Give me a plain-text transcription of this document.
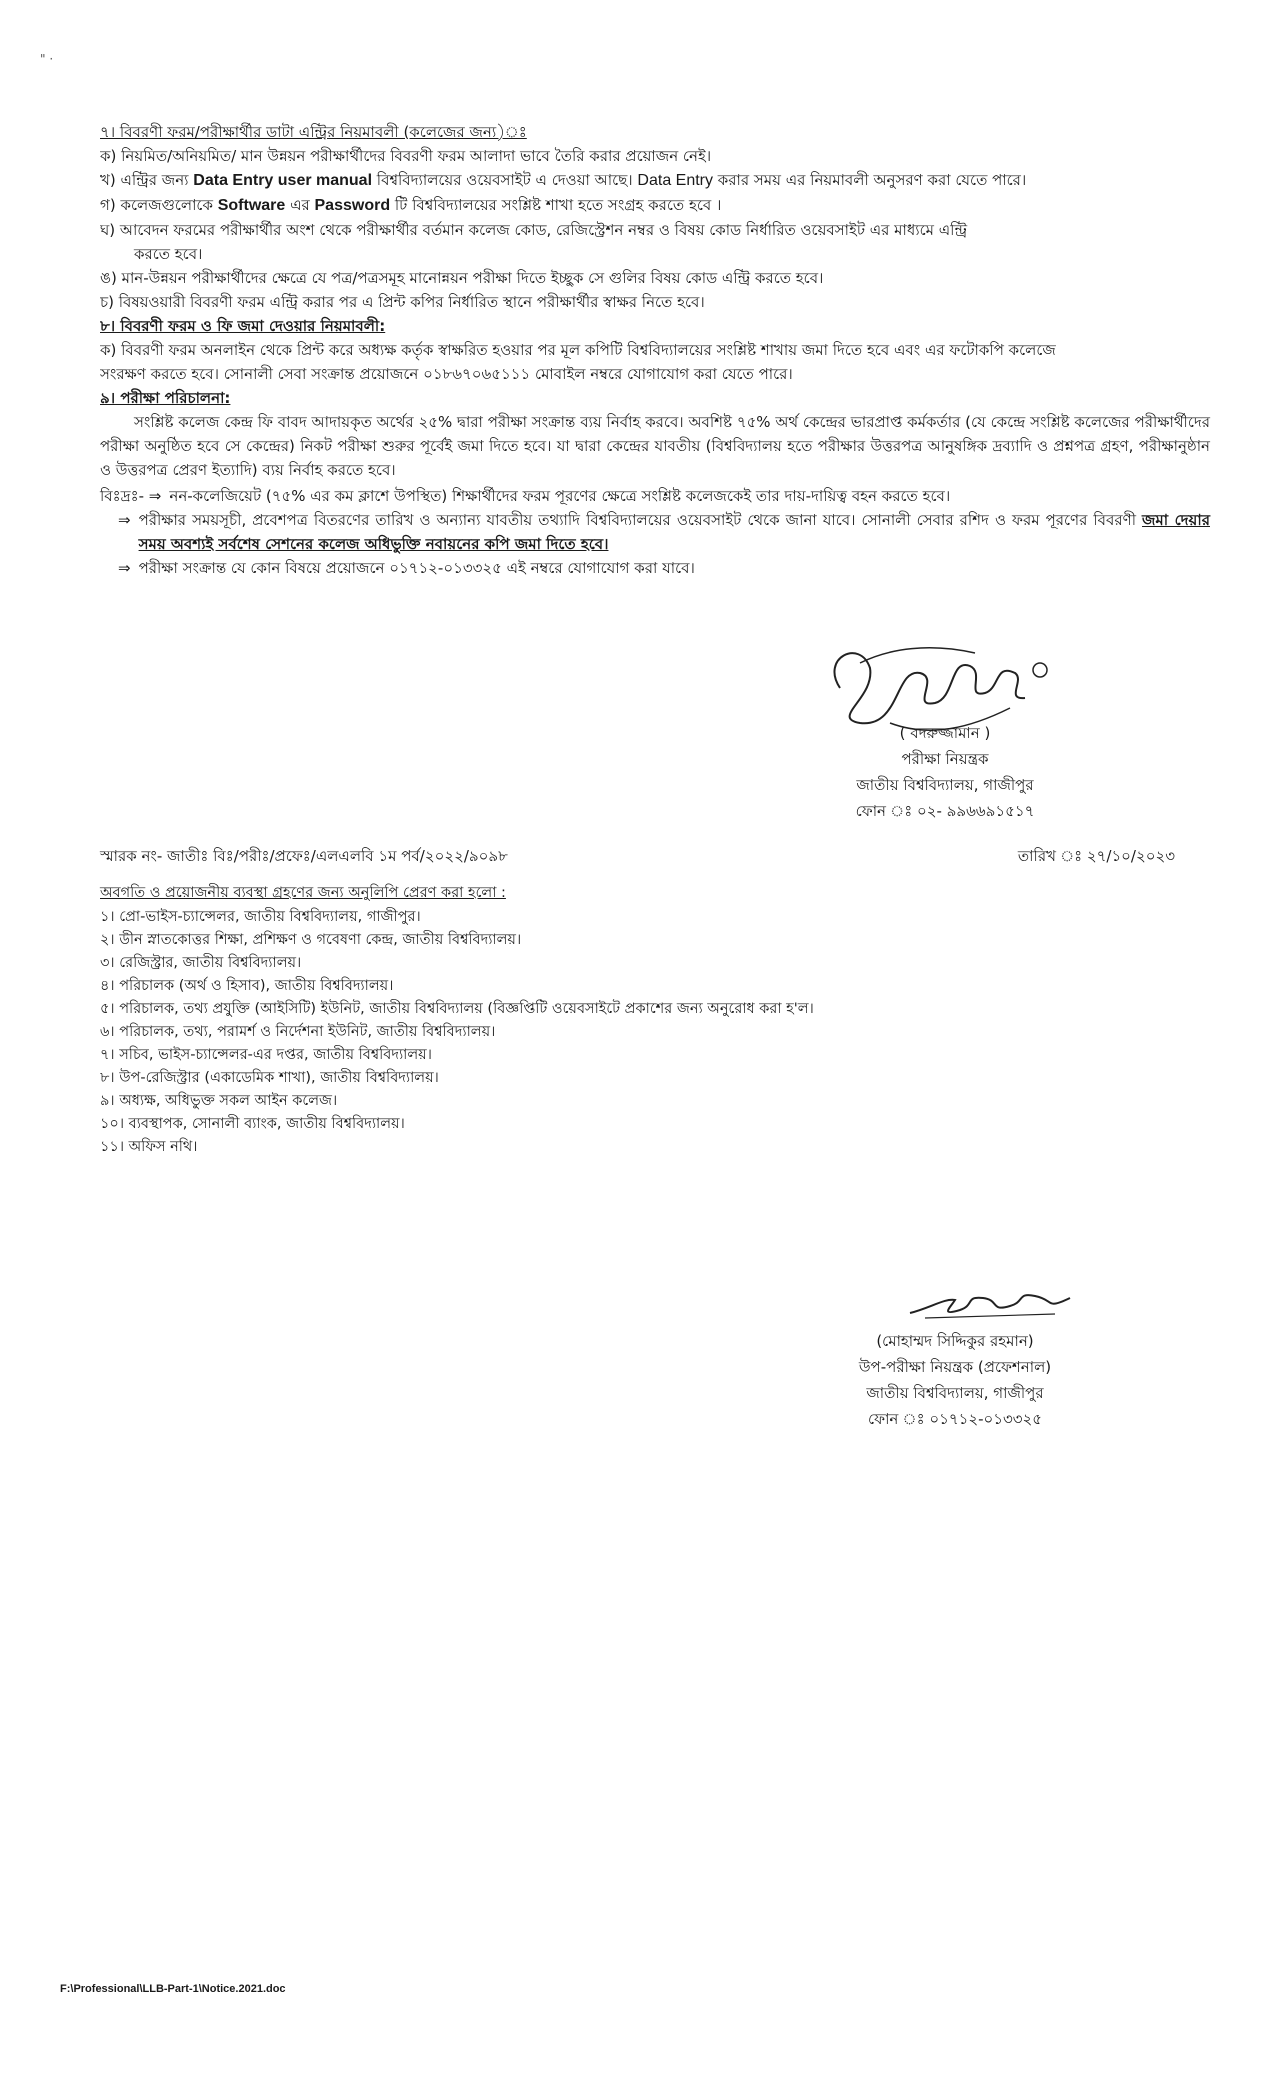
" ·
৭। বিবরণী ফরম/পরীক্ষার্থীর ডাটা এন্ট্রির নিয়মাবলী (কলেজের জন্য)ঃ
ক) নিয়মিত/অনিয়মিত/ মান উন্নয়ন পরীক্ষার্থীদের বিবরণী ফরম আলাদা ভাবে তৈরি করার প্রয়োজন নেই।
খ) এন্ট্রির জন্য Data Entry user manual বিশ্ববিদ্যালয়ের ওয়েবসাইট এ দেওয়া আছে। Data Entry করার সময় এর নিয়মাবলী অনুসরণ করা যেতে পারে।
গ) কলেজগুলোকে Software এর Password টি বিশ্ববিদ্যালয়ের সংশ্লিষ্ট শাখা হতে সংগ্রহ করতে হবে ।
ঘ) আবেদন ফরমের পরীক্ষার্থীর অংশ থেকে পরীক্ষার্থীর বর্তমান কলেজ কোড, রেজিস্ট্রেশন নম্বর ও বিষয় কোড নির্ধারিত ওয়েবসাইট এর মাধ্যমে এন্ট্রি
করতে হবে।
ঙ) মান-উন্নয়ন পরীক্ষার্থীদের ক্ষেত্রে যে পত্র/পত্রসমূহ মানোন্নয়ন পরীক্ষা দিতে ইচ্ছুক সে গুলির বিষয় কোড এন্ট্রি করতে হবে।
চ) বিষয়ওয়ারী বিবরণী ফরম এন্ট্রি করার পর এ প্রিন্ট কপির নির্ধারিত স্থানে পরীক্ষার্থীর স্বাক্ষর নিতে হবে।
৮। বিবরণী ফরম ও ফি জমা দেওয়ার নিয়মাবলী:
ক) বিবরণী ফরম অনলাইন থেকে প্রিন্ট করে অধ্যক্ষ কর্তৃক স্বাক্ষরিত হওয়ার পর মূল কপিটি বিশ্ববিদ্যালয়ের সংশ্লিষ্ট শাখায় জমা দিতে হবে এবং এর ফটোকপি কলেজে
সংরক্ষণ করতে হবে। সোনালী সেবা সংক্রান্ত প্রয়োজনে ০১৮৬৭০৬৫১১১ মোবাইল নম্বরে যোগাযোগ করা যেতে পারে।
৯। পরীক্ষা পরিচালনা:
সংশ্লিষ্ট কলেজ কেন্দ্র ফি বাবদ আদায়কৃত অর্থের ২৫% দ্বারা পরীক্ষা সংক্রান্ত ব্যয় নির্বাহ করবে। অবশিষ্ট ৭৫% অর্থ কেন্দ্রের ভারপ্রাপ্ত কর্মকর্তার (যে কেন্দ্রে সংশ্লিষ্ট কলেজের পরীক্ষার্থীদের পরীক্ষা অনুষ্ঠিত হবে সে কেন্দ্রের) নিকট পরীক্ষা শুরুর পূর্বেই জমা দিতে হবে। যা দ্বারা কেন্দ্রের যাবতীয় (বিশ্ববিদ্যালয় হতে পরীক্ষার উত্তরপত্র আনুষঙ্গিক দ্রব্যাদি ও প্রশ্নপত্র গ্রহণ, পরীক্ষানুষ্ঠান ও উত্তরপত্র প্রেরণ ইত্যাদি) ব্যয় নির্বাহ করতে হবে।
বিঃদ্রঃ- ⇒ নন-কলেজিয়েট (৭৫% এর কম ক্লাশে উপস্থিত) শিক্ষার্থীদের ফরম পূরণের ক্ষেত্রে সংশ্লিষ্ট কলেজকেই তার দায়-দায়িত্ব বহন করতে হবে।
⇒ পরীক্ষার সময়সূচী, প্রবেশপত্র বিতরণের তারিখ ও অন্যান্য যাবতীয় তথ্যাদি বিশ্ববিদ্যালয়ের ওয়েবসাইট থেকে জানা যাবে। সোনালী সেবার রশিদ ও ফরম পূরণের বিবরণী জমা দেয়ার সময় অবশ্যই সর্বশেষ সেশনের কলেজ অধিভুক্তি নবায়নের কপি জমা দিতে হবে।
⇒ পরীক্ষা সংক্রান্ত যে কোন বিষয়ে প্রয়োজনে ০১৭১২-০১৩৩২৫ এই নম্বরে যোগাযোগ করা যাবে।
( বদরুজ্জামান )
পরীক্ষা নিয়ন্ত্রক
জাতীয় বিশ্ববিদ্যালয়, গাজীপুর
ফোন ঃ ০২- ৯৯৬৬৯১৫১৭
স্মারক নং- জাতীঃ বিঃ/পরীঃ/প্রফেঃ/এলএলবি ১ম পর্ব/২০২২/৯০৯৮	তারিখ ঃ ২৭/১০/২০২৩
অবগতি ও প্রয়োজনীয় ব্যবস্থা গ্রহণের জন্য অনুলিপি প্রেরণ করা হলো :
১। প্রো-ভাইস-চ্যান্সেলর, জাতীয় বিশ্ববিদ্যালয়, গাজীপুর।
২। ডীন স্নাতকোত্তর শিক্ষা, প্রশিক্ষণ ও গবেষণা কেন্দ্র, জাতীয় বিশ্ববিদ্যালয়।
৩। রেজিস্ট্রার, জাতীয় বিশ্ববিদ্যালয়।
৪। পরিচালক (অর্থ ও হিসাব), জাতীয় বিশ্ববিদ্যালয়।
৫। পরিচালক, তথ্য প্রযুক্তি (আইসিটি) ইউনিট, জাতীয় বিশ্ববিদ্যালয় (বিজ্ঞপ্তিটি ওয়েবসাইটে প্রকাশের জন্য অনুরোধ করা হ'ল।
৬। পরিচালক, তথ্য, পরামর্শ ও নির্দেশনা ইউনিট, জাতীয় বিশ্ববিদ্যালয়।
৭। সচিব, ভাইস-চ্যান্সেলর-এর দপ্তর, জাতীয় বিশ্ববিদ্যালয়।
৮। উপ-রেজিস্ট্রার (একাডেমিক শাখা), জাতীয় বিশ্ববিদ্যালয়।
৯। অধ্যক্ষ, অধিভুক্ত সকল আইন কলেজ।
১০। ব্যবস্থাপক, সোনালী ব্যাংক, জাতীয় বিশ্ববিদ্যালয়।
১১। অফিস নথি।
(মোহাম্মদ সিদ্দিকুর রহমান)
উপ-পরীক্ষা নিয়ন্ত্রক (প্রফেশনাল)
জাতীয় বিশ্ববিদ্যালয়, গাজীপুর
ফোন ঃ ০১৭১২-০১৩৩২৫
F:\Professional\LLB-Part-1\Notice.2021.doc
